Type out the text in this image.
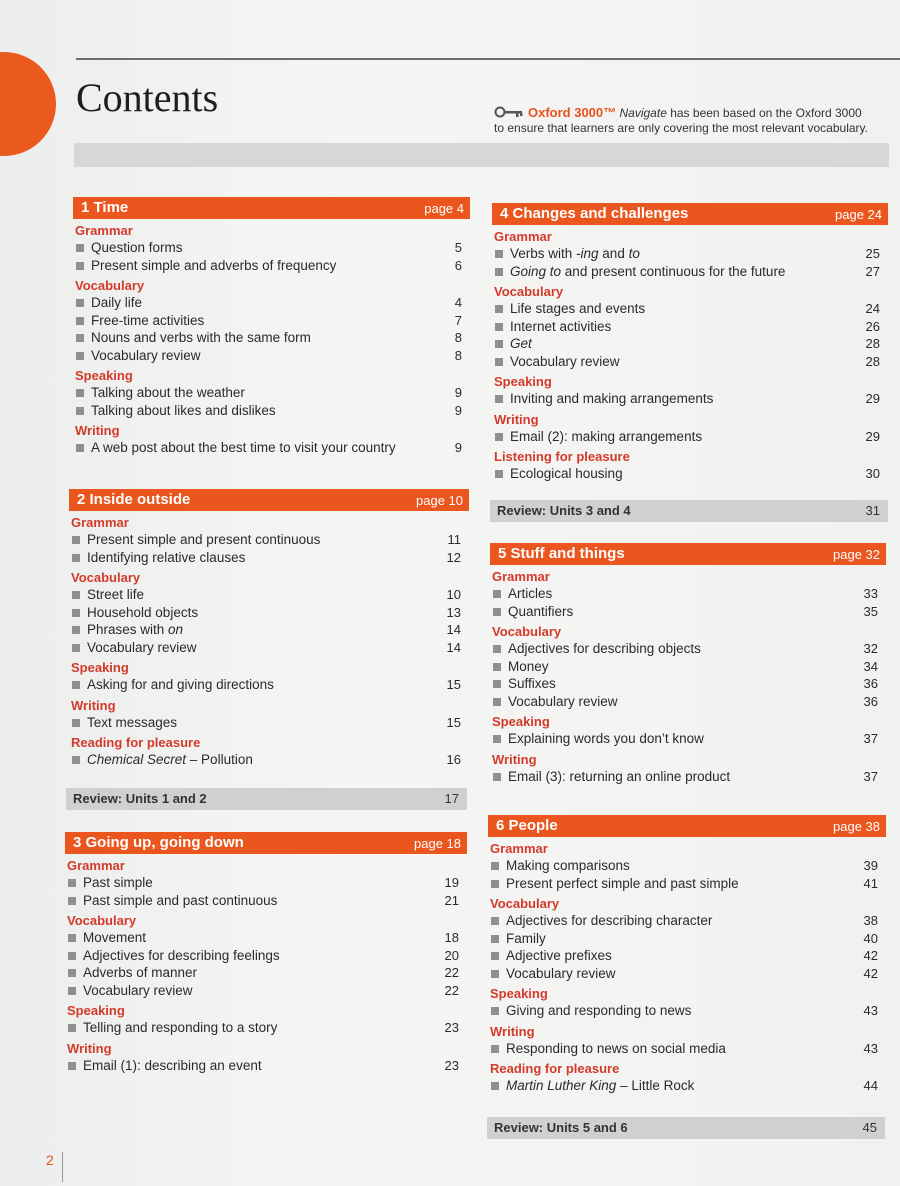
Contents	Oxford 3000™ Navigate has been based on the Oxford 3000
to ensure that learners are only covering the most relevant vocabulary.
1 Time	page 4
Grammar
Question forms	5
Present simple and adverbs of frequency	6
Vocabulary
Daily life	4
Free-time activities	7
Nouns and verbs with the same form	8
Vocabulary review	8
Speaking
Talking about the weather	9
Talking about likes and dislikes	9
Writing
A web post about the best time to visit your country	9
2 Inside outside	page 10
Grammar
Present simple and present continuous	11
Identifying relative clauses	12
Vocabulary
Street life	10
Household objects	13
Phrases with on	14
Vocabulary review	14
Speaking
Asking for and giving directions	15
Writing
Text messages	15
Reading for pleasure
Chemical Secret – Pollution	16
Review: Units 1 and 2	17
3 Going up, going down	page 18
Grammar
Past simple	19
Past simple and past continuous	21
Vocabulary
Movement	18
Adjectives for describing feelings	20
Adverbs of manner	22
Vocabulary review	22
Speaking
Telling and responding to a story	23
Writing
Email (1): describing an event	23
4 Changes and challenges	page 24
Grammar
Verbs with -ing and to	25
Going to and present continuous for the future	27
Vocabulary
Life stages and events	24
Internet activities	26
Get	28
Vocabulary review	28
Speaking
Inviting and making arrangements	29
Writing
Email (2): making arrangements	29
Listening for pleasure
Ecological housing	30
Review: Units 3 and 4	31
5 Stuff and things	page 32
Grammar
Articles	33
Quantifiers	35
Vocabulary
Adjectives for describing objects	32
Money	34
Suffixes	36
Vocabulary review	36
Speaking
Explaining words you don’t know	37
Writing
Email (3): returning an online product	37
6 People	page 38
Grammar
Making comparisons	39
Present perfect simple and past simple	41
Vocabulary
Adjectives for describing character	38
Family	40
Adjective prefixes	42
Vocabulary review	42
Speaking
Giving and responding to news	43
Writing
Responding to news on social media	43
Reading for pleasure
Martin Luther King – Little Rock	44
Review: Units 5 and 6	45
2
